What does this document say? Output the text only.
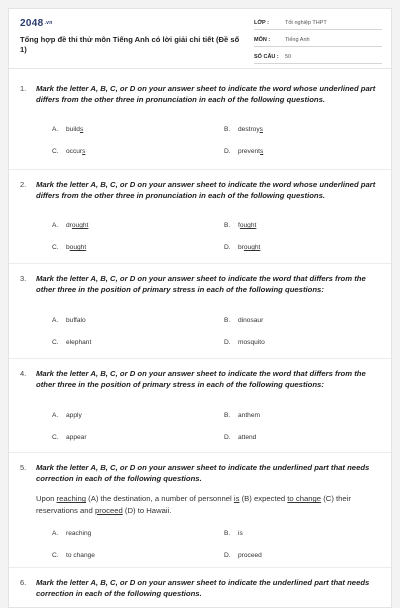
2048.vn
Tổng hợp đề thi thử môn Tiếng Anh có lời giải chi tiết (Đề số 1)
LỚP :	Tốt nghiệp THPT
MÔN :	Tiếng Anh
SỐ CÂU :	50
1.	Mark the letter A, B, C, or D on your answer sheet to indicate the word whose underlined part differs from the other three in pronunciation in each of the following questions.
A. builds	B. destroys
C. occurs	D. prevents
2.	Mark the letter A, B, C, or D on your answer sheet to indicate the word whose underlined part differs from the other three in pronunciation in each of the following questions.
A. drought	B. fought
C. bought	D. brought
3.	Mark the letter A, B, C, or D on your answer sheet to indicate the word that differs from the other three in the position of primary stress in each of the following questions:
A. buffalo	B. dinosaur
C. elephant	D. mosquito
4.	Mark the letter A, B, C, or D on your answer sheet to indicate the word that differs from the other three in the position of primary stress in each of the following questions:
A. apply	B. anthem
C. appear	D. attend
5.	Mark the letter A, B, C, or D on your answer sheet to indicate the underlined part that needs correction in each of the following questions.
Upon reaching (A) the destination, a number of personnel is (B) expected to change (C) their reservations and proceed (D) to Hawaii.
A. reaching	B. is
C. to change	D. proceed
6.	Mark the letter A, B, C, or D on your answer sheet to indicate the underlined part that needs correction in each of the following questions.
